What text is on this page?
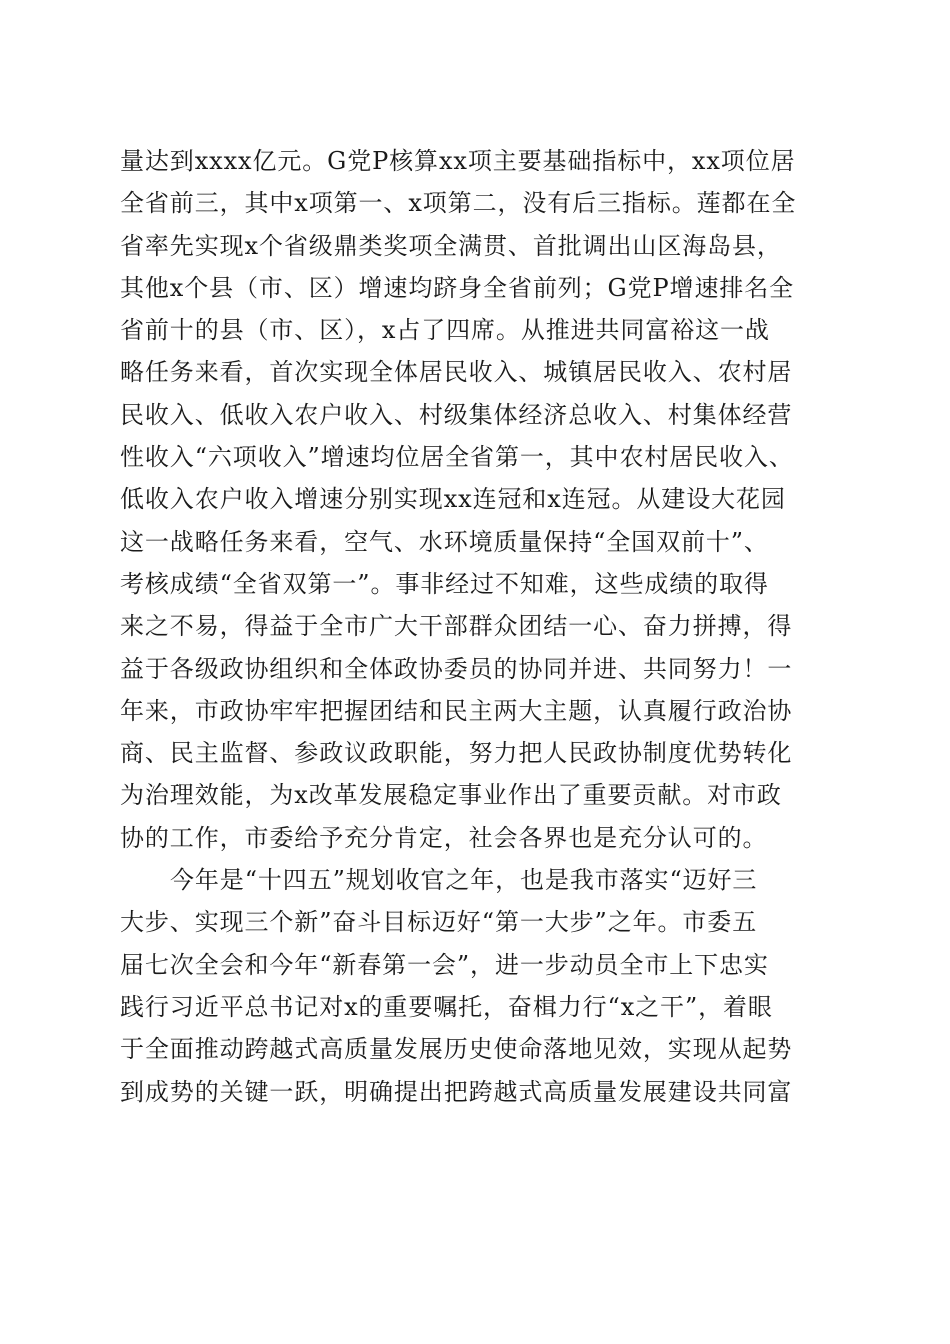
量达到xxxx亿元。G党P核算xx项主要基础指标中，xx项位居
全省前三，其中x项第一、x项第二，没有后三指标。莲都在全
省率先实现x个省级鼎类奖项全满贯、首批调出山区海岛县，
其他x个县（市、区）增速均跻身全省前列；G党P增速排名全
省前十的县（市、区），x占了四席。从推进共同富裕这一战
略任务来看，首次实现全体居民收入、城镇居民收入、农村居
民收入、低收入农户收入、村级集体经济总收入、村集体经营
性收入“六项收入”增速均位居全省第一，其中农村居民收入、
低收入农户收入增速分别实现xx连冠和x连冠。从建设大花园
这一战略任务来看，空气、水环境质量保持“全国双前十”、
考核成绩“全省双第一”。事非经过不知难，这些成绩的取得
来之不易，得益于全市广大干部群众团结一心、奋力拼搏，得
益于各级政协组织和全体政协委员的协同并进、共同努力！一
年来，市政协牢牢把握团结和民主两大主题，认真履行政治协
商、民主监督、参政议政职能，努力把人民政协制度优势转化
为治理效能，为x改革发展稳定事业作出了重要贡献。对市政
协的工作，市委给予充分肯定，社会各界也是充分认可的。
今年是“十四五”规划收官之年，也是我市落实“迈好三
大步、实现三个新”奋斗目标迈好“第一大步”之年。市委五
届七次全会和今年“新春第一会”，进一步动员全市上下忠实
践行习近平总书记对x的重要嘱托，奋楫力行“x之干”，着眼
于全面推动跨越式高质量发展历史使命落地见效，实现从起势
到成势的关键一跃，明确提出把跨越式高质量发展建设共同富
